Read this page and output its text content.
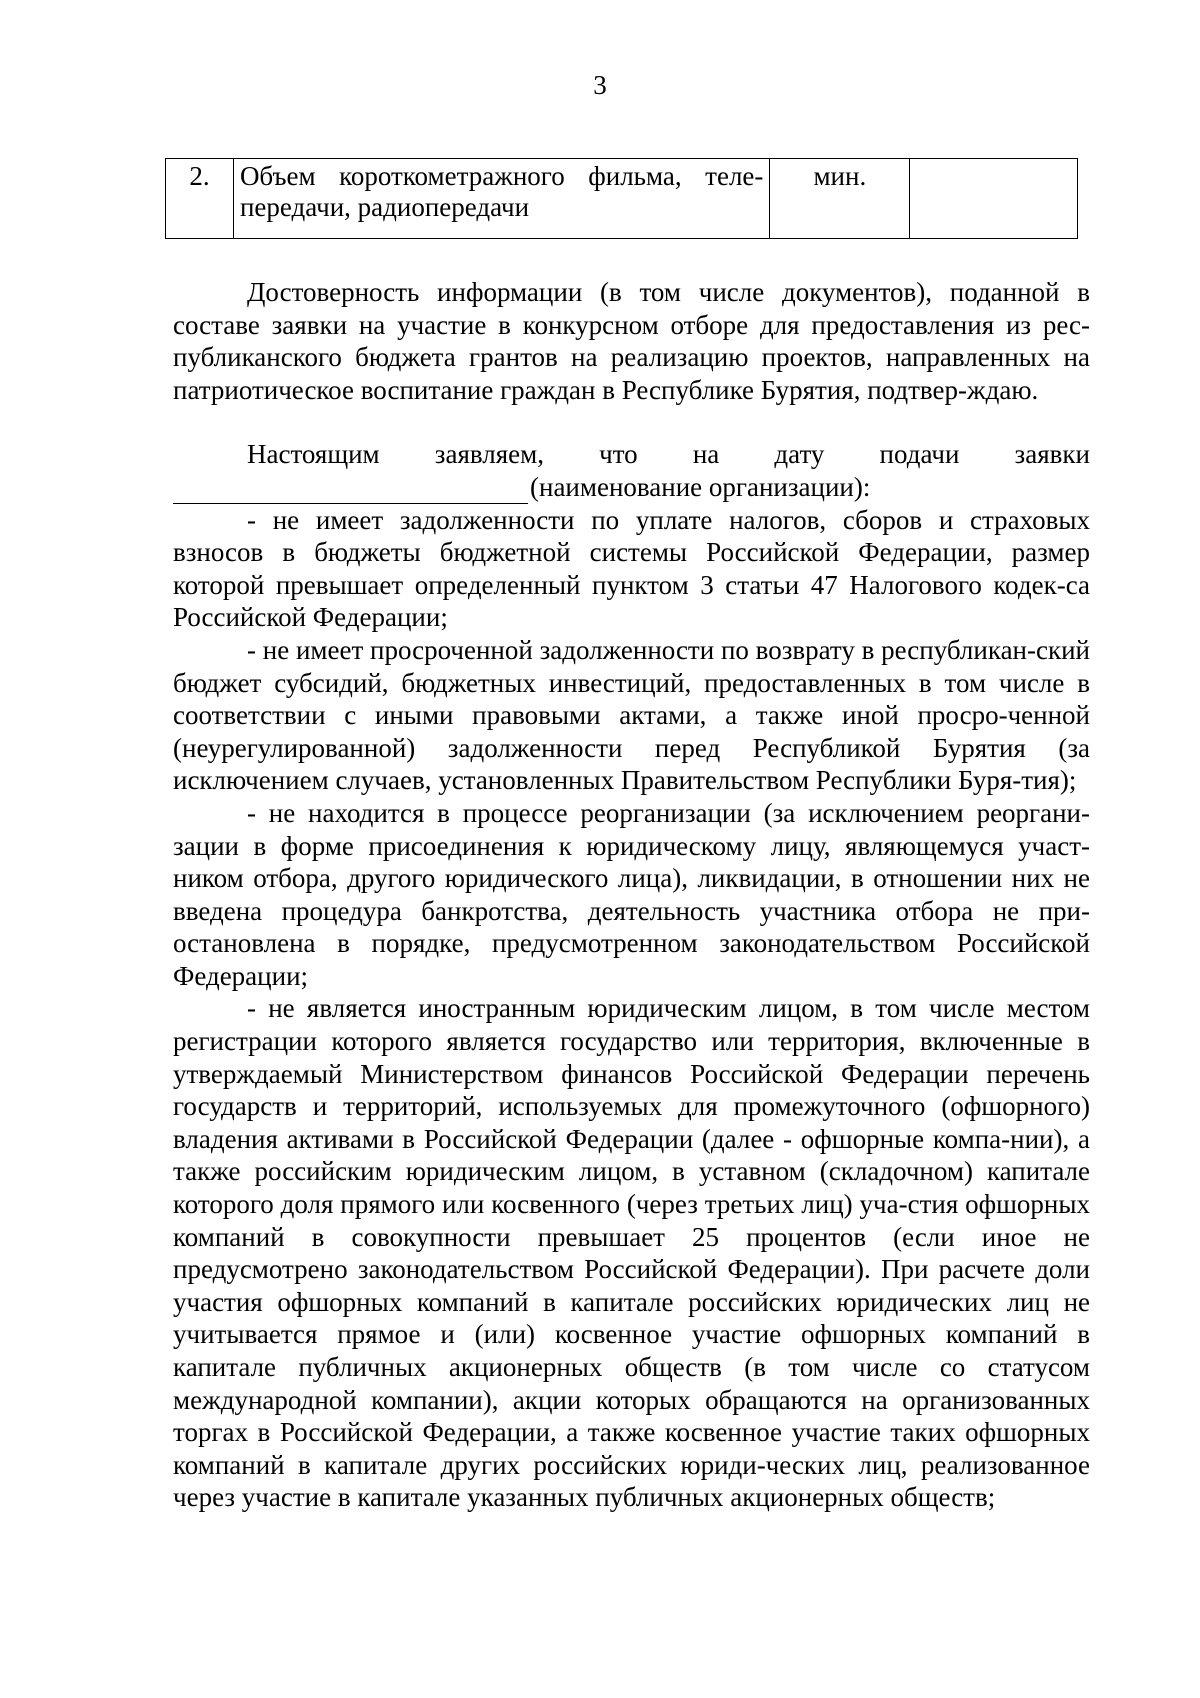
3
2.	Объем короткометражного фильма, теле-передачи, радиопередачи	мин.	

Достоверность информации (в том числе документов), поданной в составе заявки на участие в конкурсном отборе для предоставления из рес-публиканского бюджета грантов на реализацию проектов, направленных на патриотическое воспитание граждан в Республике Бурятия, подтвер-ждаю.

Настоящим заявляем, что на дату подачи заявки
(наименование организации):

- не имеет задолженности по уплате налогов, сборов и страховых взносов в бюджеты бюджетной системы Российской Федерации, размер которой превышает определенный пунктом 3 статьи 47 Налогового кодек-са Российской Федерации;

- не имеет просроченной задолженности по возврату в республикан-ский бюджет субсидий, бюджетных инвестиций, предоставленных в том числе в соответствии с иными правовыми актами, а также иной просро-ченной (неурегулированной) задолженности перед Республикой Бурятия (за исключением случаев, установленных Правительством Республики Буря-тия);

- не находится в процессе реорганизации (за исключением реоргани-зации в форме присоединения к юридическому лицу, являющемуся участ-ником отбора, другого юридического лица), ликвидации, в отношении них не введена процедура банкротства, деятельность участника отбора не при-остановлена в порядке, предусмотренном законодательством Российской Федерации;

- не является иностранным юридическим лицом, в том числе местом регистрации которого является государство или территория, включенные в утверждаемый Министерством финансов Российской Федерации перечень государств и территорий, используемых для промежуточного (офшорного) владения активами в Российской Федерации (далее - офшорные компа-нии), а также российским юридическим лицом, в уставном (складочном) капитале которого доля прямого или косвенного (через третьих лиц) уча-стия офшорных компаний в совокупности превышает 25 процентов (если иное не предусмотрено законодательством Российской Федерации). При расчете доли участия офшорных компаний в капитале российских юридических лиц не учитывается прямое и (или) косвенное участие офшорных компаний в капитале публичных акционерных обществ (в том числе со статусом международной компании), акции которых обращаются на организованных торгах в Российской Федерации, а также косвенное участие таких офшорных компаний в капитале других российских юриди-ческих лиц, реализованное через участие в капитале указанных публичных акционерных обществ;
